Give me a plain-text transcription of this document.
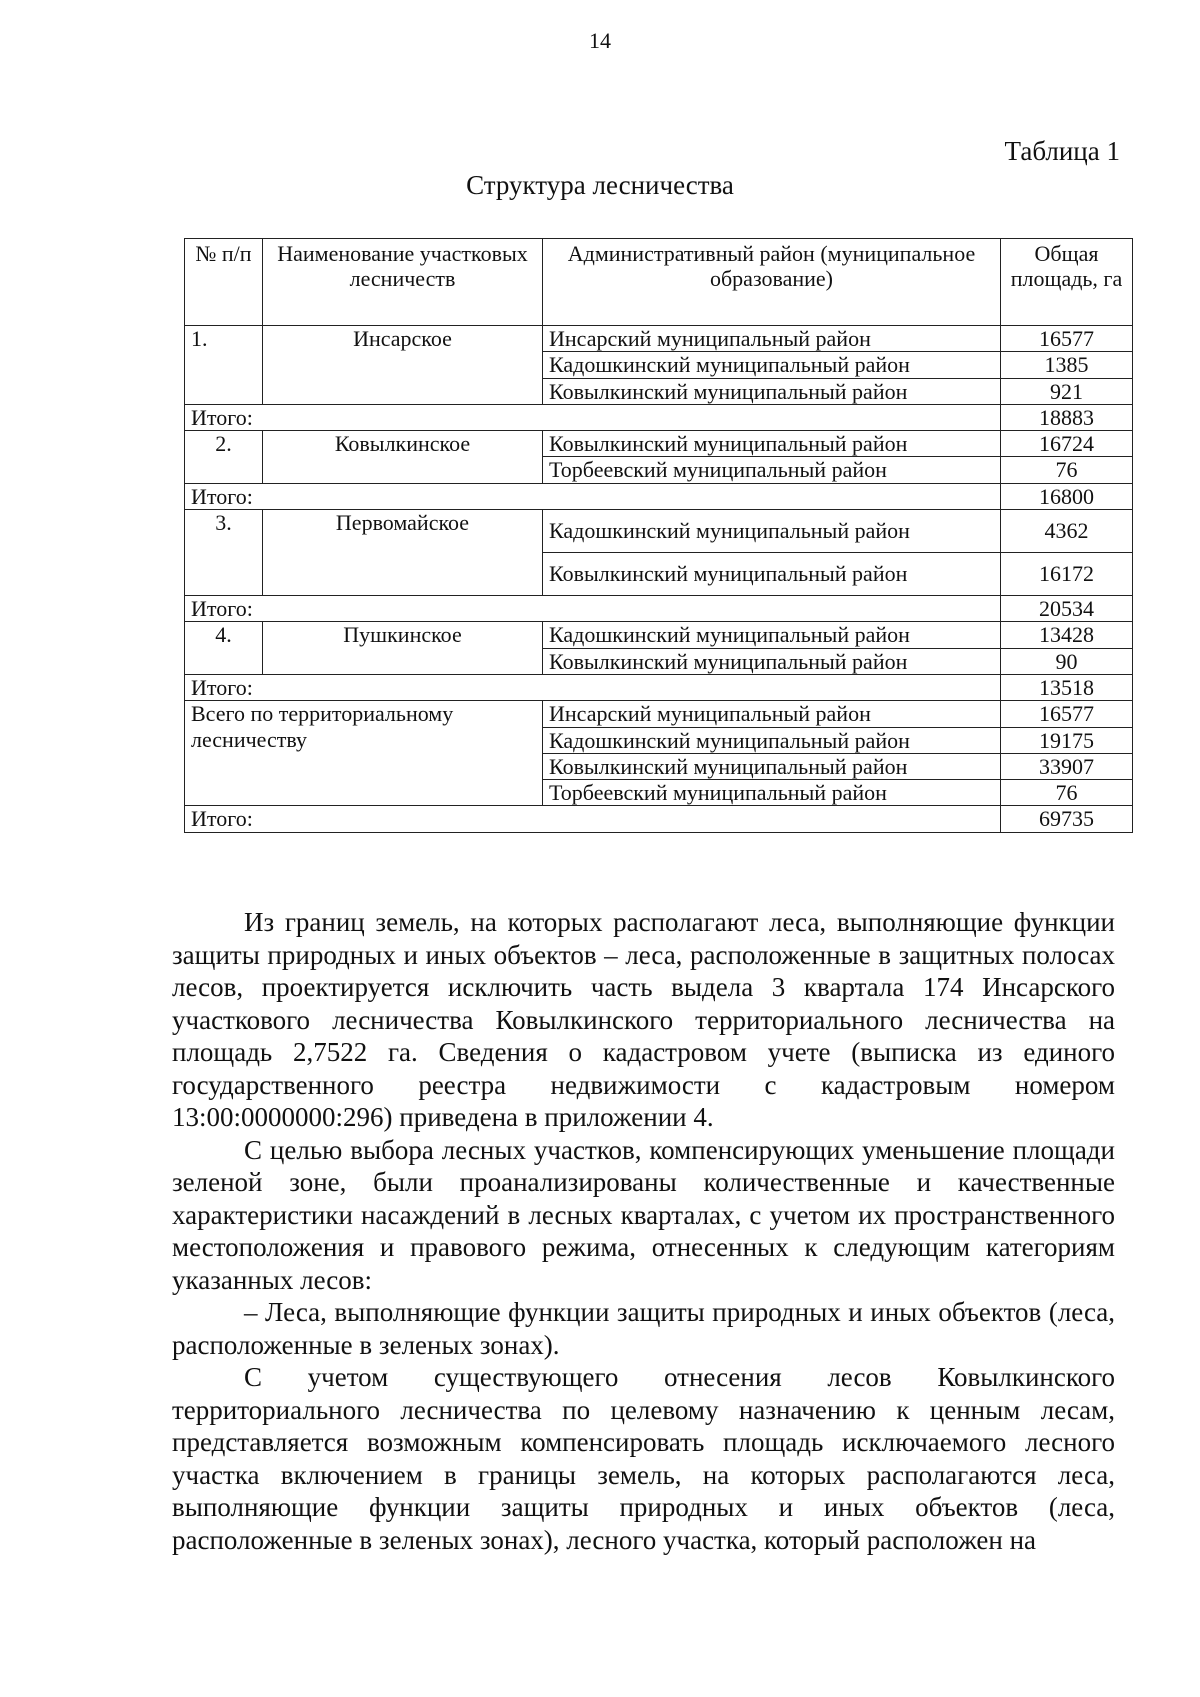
14
Таблица 1
Структура лесничества
№ п/п	Наименование участковых лесничеств	Административный район (муниципальное образование)	Общая площадь, га
1.	Инсарское	Инсарский муниципальный район	16577
		Кадошкинский муниципальный район	1385
		Ковылкинский муниципальный район	921
Итого:			18883
2.	Ковылкинское	Ковылкинский муниципальный район	16724
		Торбеевский муниципальный район	76
Итого:			16800
3.	Первомайское	Кадошкинский муниципальный район	4362
		Ковылкинский муниципальный район	16172
Итого:			20534
4.	Пушкинское	Кадошкинский муниципальный район	13428
		Ковылкинский муниципальный район	90
Итого:			13518
Всего по территориальному лесничеству		Инсарский муниципальный район	16577
		Кадошкинский муниципальный район	19175
		Ковылкинский муниципальный район	33907
		Торбеевский муниципальный район	76
Итого:			69735

Из границ земель, на которых располагают леса, выполняющие функции защиты природных и иных объектов – леса, расположенные в защитных полосах лесов, проектируется исключить часть выдела 3 квартала 174 Инсарского участкового лесничества Ковылкинского территориального лесничества на площадь 2,7522 га. Сведения о кадастровом учете (выписка из единого государственного реестра недвижимости с кадастровым номером 13:00:0000000:296) приведена в приложении 4.

С целью выбора лесных участков, компенсирующих уменьшение площади зеленой зоне, были проанализированы количественные и качественные характеристики насаждений в лесных кварталах, с учетом их пространственного местоположения и правового режима, отнесенных к следующим категориям указанных лесов:

– Леса, выполняющие функции защиты природных и иных объектов (леса, расположенные в зеленых зонах).

С учетом существующего отнесения лесов Ковылкинского территориального лесничества по целевому назначению к ценным лесам, представляется возможным компенсировать площадь исключаемого лесного участка включением в границы земель, на которых располагаются леса, выполняющие функции защиты природных и иных объектов (леса, расположенные в зеленых зонах), лесного участка, который расположен на
